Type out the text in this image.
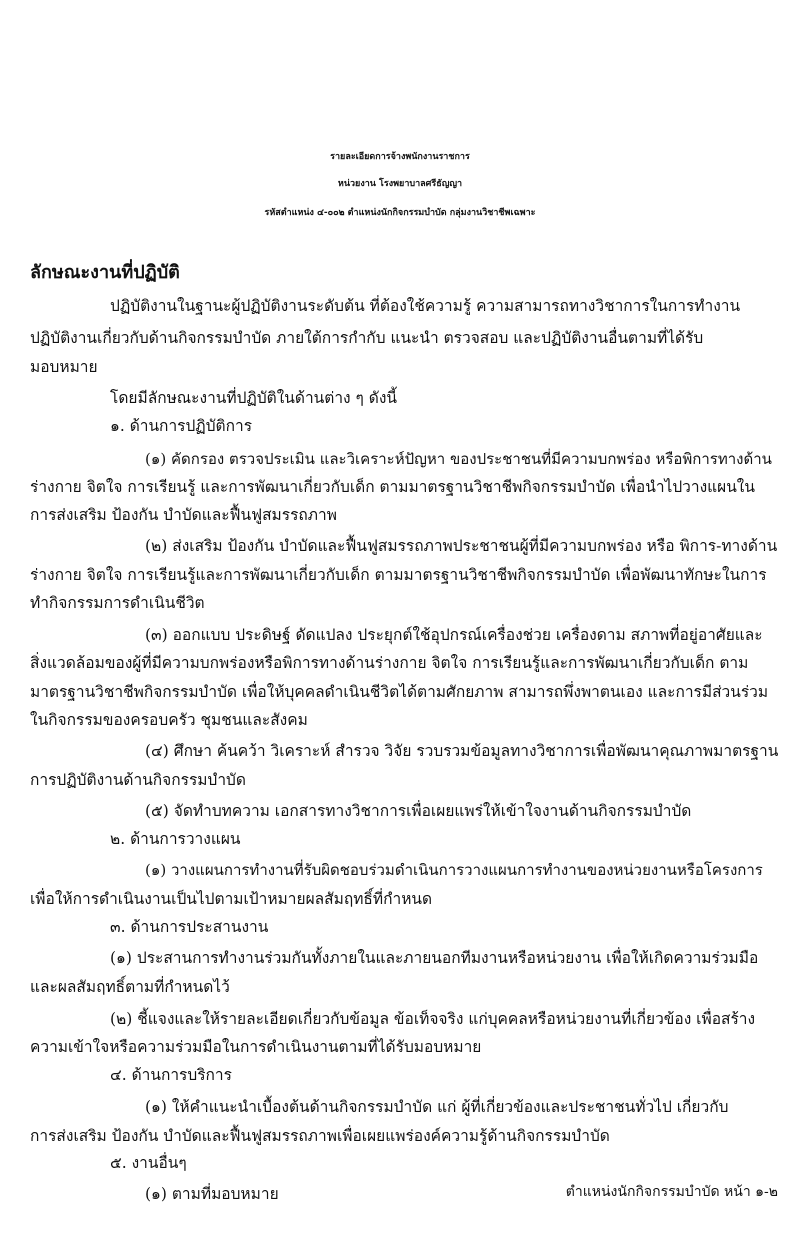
รายละเอียดการจ้างพนักงานราชการ
หน่วยงาน โรงพยาบาลศรีธัญญา
รหัสตำแหน่ง ๔-๐๐๒ ตำแหน่งนักกิจกรรมบำบัด กลุ่มงานวิชาชีพเฉพาะ
ลักษณะงานที่ปฏิบัติ
ปฏิบัติงานในฐานะผู้ปฏิบัติงานระดับต้น ที่ต้องใช้ความรู้ ความสามารถทางวิชาการในการทำงาน
ปฏิบัติงานเกี่ยวกับด้านกิจกรรมบำบัด ภายใต้การกำกับ แนะนำ ตรวจสอบ และปฏิบัติงานอื่นตามที่ได้รับ
มอบหมาย
โดยมีลักษณะงานที่ปฏิบัติในด้านต่าง ๆ ดังนี้
๑. ด้านการปฏิบัติการ
(๑) คัดกรอง ตรวจประเมิน และวิเคราะห์ปัญหา ของประชาชนที่มีความบกพร่อง หรือพิการทางด้าน
ร่างกาย จิตใจ การเรียนรู้ และการพัฒนาเกี่ยวกับเด็ก ตามมาตรฐานวิชาชีพกิจกรรมบำบัด เพื่อนำไปวางแผนใน
การส่งเสริม ป้องกัน บำบัดและฟื้นฟูสมรรถภาพ
(๒) ส่งเสริม ป้องกัน บำบัดและฟื้นฟูสมรรถภาพประชาชนผู้ที่มีความบกพร่อง หรือ พิการ-ทางด้าน
ร่างกาย จิตใจ การเรียนรู้และการพัฒนาเกี่ยวกับเด็ก ตามมาตรฐานวิชาชีพกิจกรรมบำบัด เพื่อพัฒนาทักษะในการ
ทำกิจกรรมการดำเนินชีวิต
(๓) ออกแบบ ประดิษฐ์ ดัดแปลง ประยุกต์ใช้อุปกรณ์เครื่องช่วย เครื่องดาม สภาพที่อยู่อาศัยและ
สิ่งแวดล้อมของผู้ที่มีความบกพร่องหรือพิการทางด้านร่างกาย จิตใจ การเรียนรู้และการพัฒนาเกี่ยวกับเด็ก ตาม
มาตรฐานวิชาชีพกิจกรรมบำบัด เพื่อให้บุคคลดำเนินชีวิตได้ตามศักยภาพ สามารถพึ่งพาตนเอง และการมีส่วนร่วม
ในกิจกรรมของครอบครัว ชุมชนและสังคม
(๔) ศึกษา ค้นคว้า วิเคราะห์ สำรวจ วิจัย รวบรวมข้อมูลทางวิชาการเพื่อพัฒนาคุณภาพมาตรฐาน
การปฏิบัติงานด้านกิจกรรมบำบัด
(๕) จัดทำบทความ เอกสารทางวิชาการเพื่อเผยแพร่ให้เข้าใจงานด้านกิจกรรมบำบัด
๒. ด้านการวางแผน
(๑) วางแผนการทำงานที่รับผิดชอบร่วมดำเนินการวางแผนการทำงานของหน่วยงานหรือโครงการ
เพื่อให้การดำเนินงานเป็นไปตามเป้าหมายผลสัมฤทธิ์ที่กำหนด
๓. ด้านการประสานงาน
(๑) ประสานการทำงานร่วมกันทั้งภายในและภายนอกทีมงานหรือหน่วยงาน เพื่อให้เกิดความร่วมมือ
และผลสัมฤทธิ์ตามที่กำหนดไว้
(๒) ชี้แจงและให้รายละเอียดเกี่ยวกับข้อมูล ข้อเท็จจริง แก่บุคคลหรือหน่วยงานที่เกี่ยวข้อง เพื่อสร้าง
ความเข้าใจหรือความร่วมมือในการดำเนินงานตามที่ได้รับมอบหมาย
๔. ด้านการบริการ
(๑) ให้คำแนะนำเบื้องต้นด้านกิจกรรมบำบัด แก่ ผู้ที่เกี่ยวข้องและประชาชนทั่วไป เกี่ยวกับ
การส่งเสริม ป้องกัน บำบัดและฟื้นฟูสมรรถภาพเพื่อเผยแพร่องค์ความรู้ด้านกิจกรรมบำบัด
๕. งานอื่นๆ
(๑) ตามที่มอบหมาย	ตำแหน่งนักกิจกรรมบำบัด หน้า ๑-๒
